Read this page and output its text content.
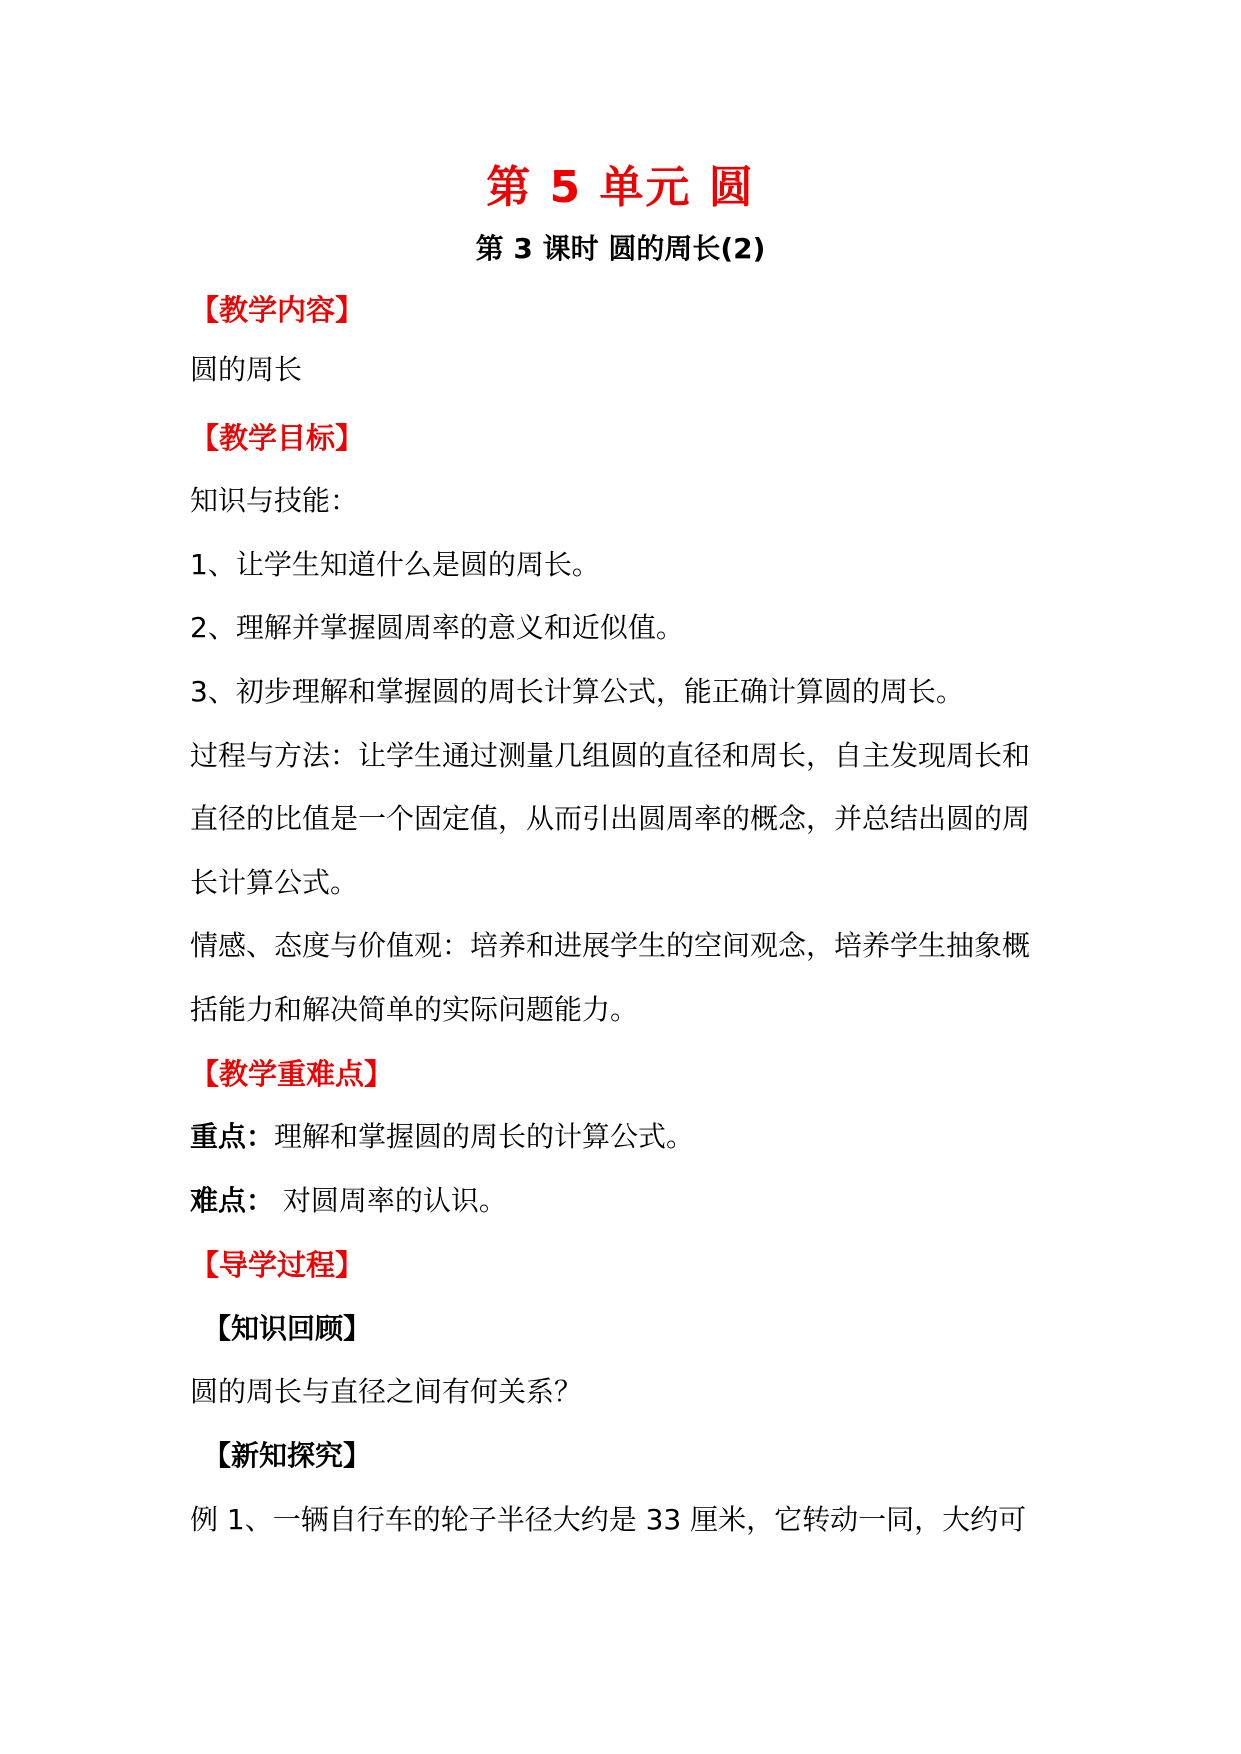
第 5 单元 圆
第 3 课时 圆的周长(2)
【教学内容】
圆的周长
【教学目标】
知识与技能：
1、让学生知道什么是圆的周长。
2、理解并掌握圆周率的意义和近似值。
3、初步理解和掌握圆的周长计算公式，能正确计算圆的周长。
过程与方法：让学生通过测量几组圆的直径和周长，自主发现周长和
直径的比值是一个固定值，从而引出圆周率的概念，并总结出圆的周
长计算公式。
情感、态度与价值观：培养和进展学生的空间观念，培养学生抽象概
括能力和解决简单的实际问题能力。
【教学重难点】
重点：理解和掌握圆的周长的计算公式。
难点： 对圆周率的认识。
【导学过程】
【知识回顾】
圆的周长与直径之间有何关系？
【新知探究】
例 1、一辆自行车的轮子半径大约是 33 厘米，它转动一同，大约可
